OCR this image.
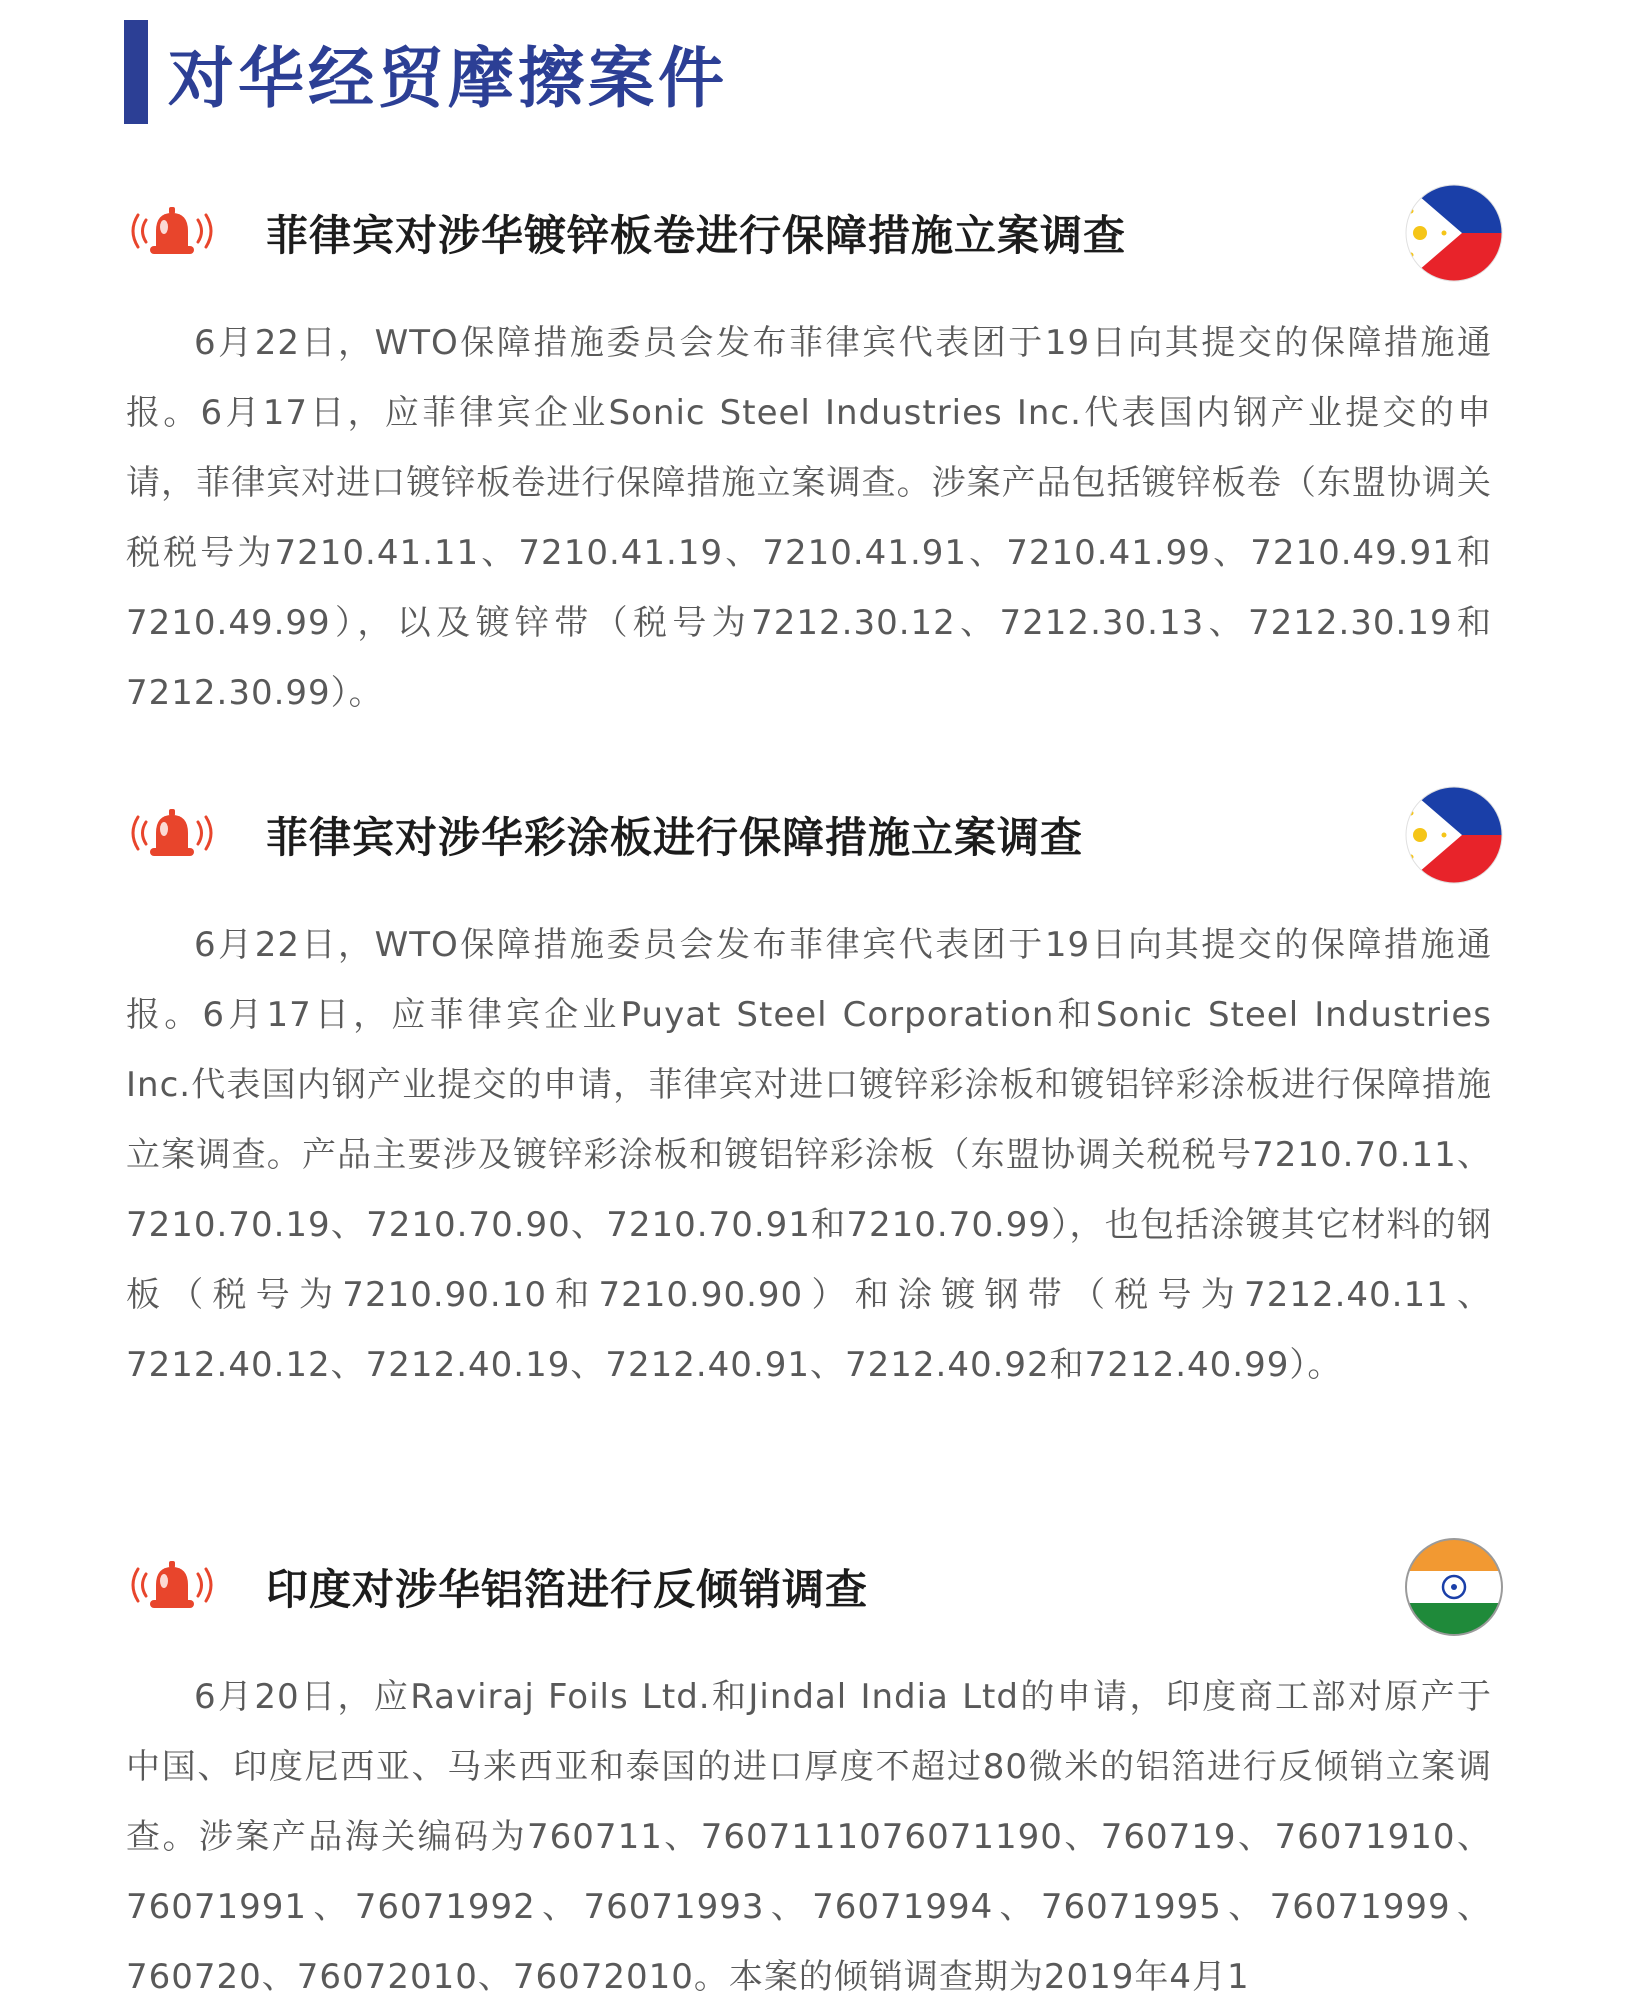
对华经贸摩擦案件
菲律宾对涉华镀锌板卷进行保障措施立案调查

6月22日，WTO保障措施委员会发布菲律宾代表团于19日向其提交的保障措施通报。6月17日，应菲律宾企业Sonic Steel Industries Inc.代表国内钢产业提交的申请，菲律宾对进口镀锌板卷进行保障措施立案调查。涉案产品包括镀锌板卷（东盟协调关税税号为7210.41.11、7210.41.19、7210.41.91、7210.41.99、7210.49.91和7210.49.99），以及镀锌带（税号为7212.30.12、7212.30.13、7212.30.19和7212.30.99）。

菲律宾对涉华彩涂板进行保障措施立案调查

6月22日，WTO保障措施委员会发布菲律宾代表团于19日向其提交的保障措施通报。6月17日，应菲律宾企业Puyat Steel Corporation和Sonic Steel Industries Inc.代表国内钢产业提交的申请，菲律宾对进口镀锌彩涂板和镀铝锌彩涂板进行保障措施立案调查。产品主要涉及镀锌彩涂板和镀铝锌彩涂板（东盟协调关税税号7210.70.11、7210.70.19、7210.70.90、7210.70.91和7210.70.99），也包括涂镀其它材料的钢板（税号为7210.90.10和7210.90.90）和涂镀钢带（税号为7212.40.11、7212.40.12、7212.40.19、7212.40.91、7212.40.92和7212.40.99）。

印度对涉华铝箔进行反倾销调查

6月20日，应Raviraj Foils Ltd.和Jindal India Ltd的申请，印度商工部对原产于中国、印度尼西亚、马来西亚和泰国的进口厚度不超过80微米的铝箔进行反倾销立案调查。涉案产品海关编码为760711、7607111076071190、760719、76071910、76071991、76071992、76071993、76071994、76071995、76071999、760720、76072010、76072010。本案的倾销调查期为2019年4月1
